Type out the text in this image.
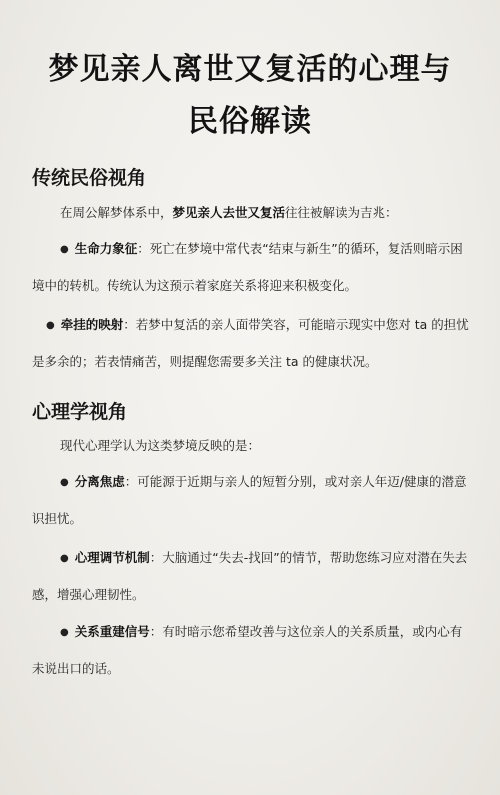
梦见亲人离世又复活的心理与
民俗解读
传统民俗视角
在周公解梦体系中，梦见亲人去世又复活往往被解读为吉兆：
● 生命力象征：死亡在梦境中常代表“结束与新生”的循环，复活则暗示困境中的转机。传统认为这预示着家庭关系将迎来积极变化。
● 牵挂的映射：若梦中复活的亲人面带笑容，可能暗示现实中您对 ta 的担忧是多余的；若表情痛苦，则提醒您需要多关注 ta 的健康状况。
心理学视角
现代心理学认为这类梦境反映的是：
● 分离焦虑：可能源于近期与亲人的短暂分别，或对亲人年迈/健康的潜意识担忧。
● 心理调节机制：大脑通过“失去-找回”的情节，帮助您练习应对潜在失去感，增强心理韧性。
● 关系重建信号：有时暗示您希望改善与这位亲人的关系质量，或内心有未说出口的话。
